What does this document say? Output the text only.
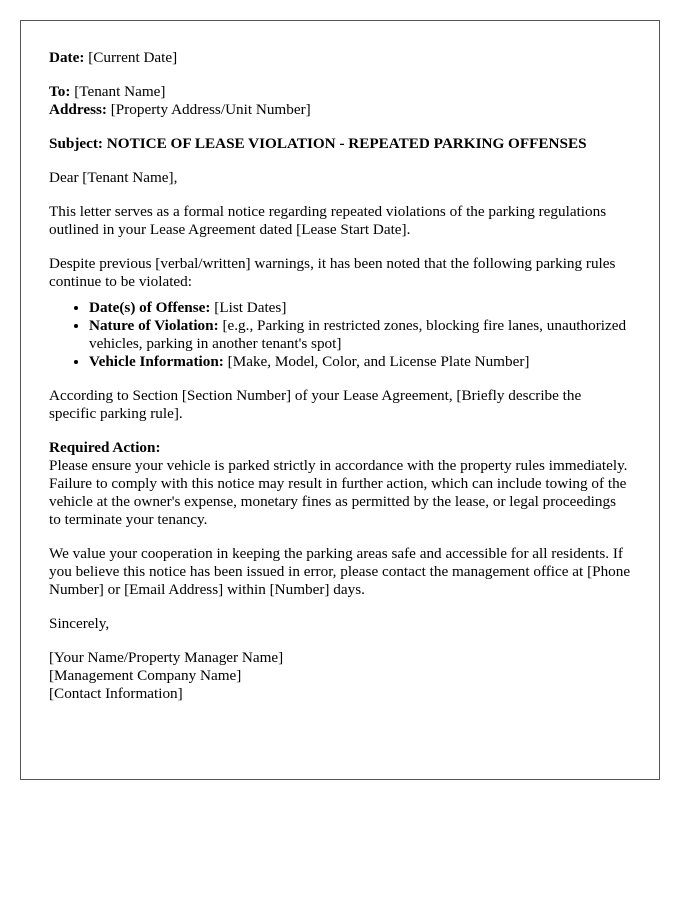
Date: [Current Date]

To: [Tenant Name]
Address: [Property Address/Unit Number]

Subject: NOTICE OF LEASE VIOLATION - REPEATED PARKING OFFENSES

Dear [Tenant Name],

This letter serves as a formal notice regarding repeated violations of the parking regulations outlined in your Lease Agreement dated [Lease Start Date].

Despite previous [verbal/written] warnings, it has been noted that the following parking rules continue to be violated:

• Date(s) of Offense: [List Dates]
• Nature of Violation: [e.g., Parking in restricted zones, blocking fire lanes, unauthorized vehicles, parking in another tenant's spot]
• Vehicle Information: [Make, Model, Color, and License Plate Number]

According to Section [Section Number] of your Lease Agreement, [Briefly describe the specific parking rule].

Required Action:
Please ensure your vehicle is parked strictly in accordance with the property rules immediately. Failure to comply with this notice may result in further action, which can include towing of the vehicle at the owner's expense, monetary fines as permitted by the lease, or legal proceedings to terminate your tenancy.

We value your cooperation in keeping the parking areas safe and accessible for all residents. If you believe this notice has been issued in error, please contact the management office at [Phone Number] or [Email Address] within [Number] days.

Sincerely,

[Your Name/Property Manager Name]
[Management Company Name]
[Contact Information]
